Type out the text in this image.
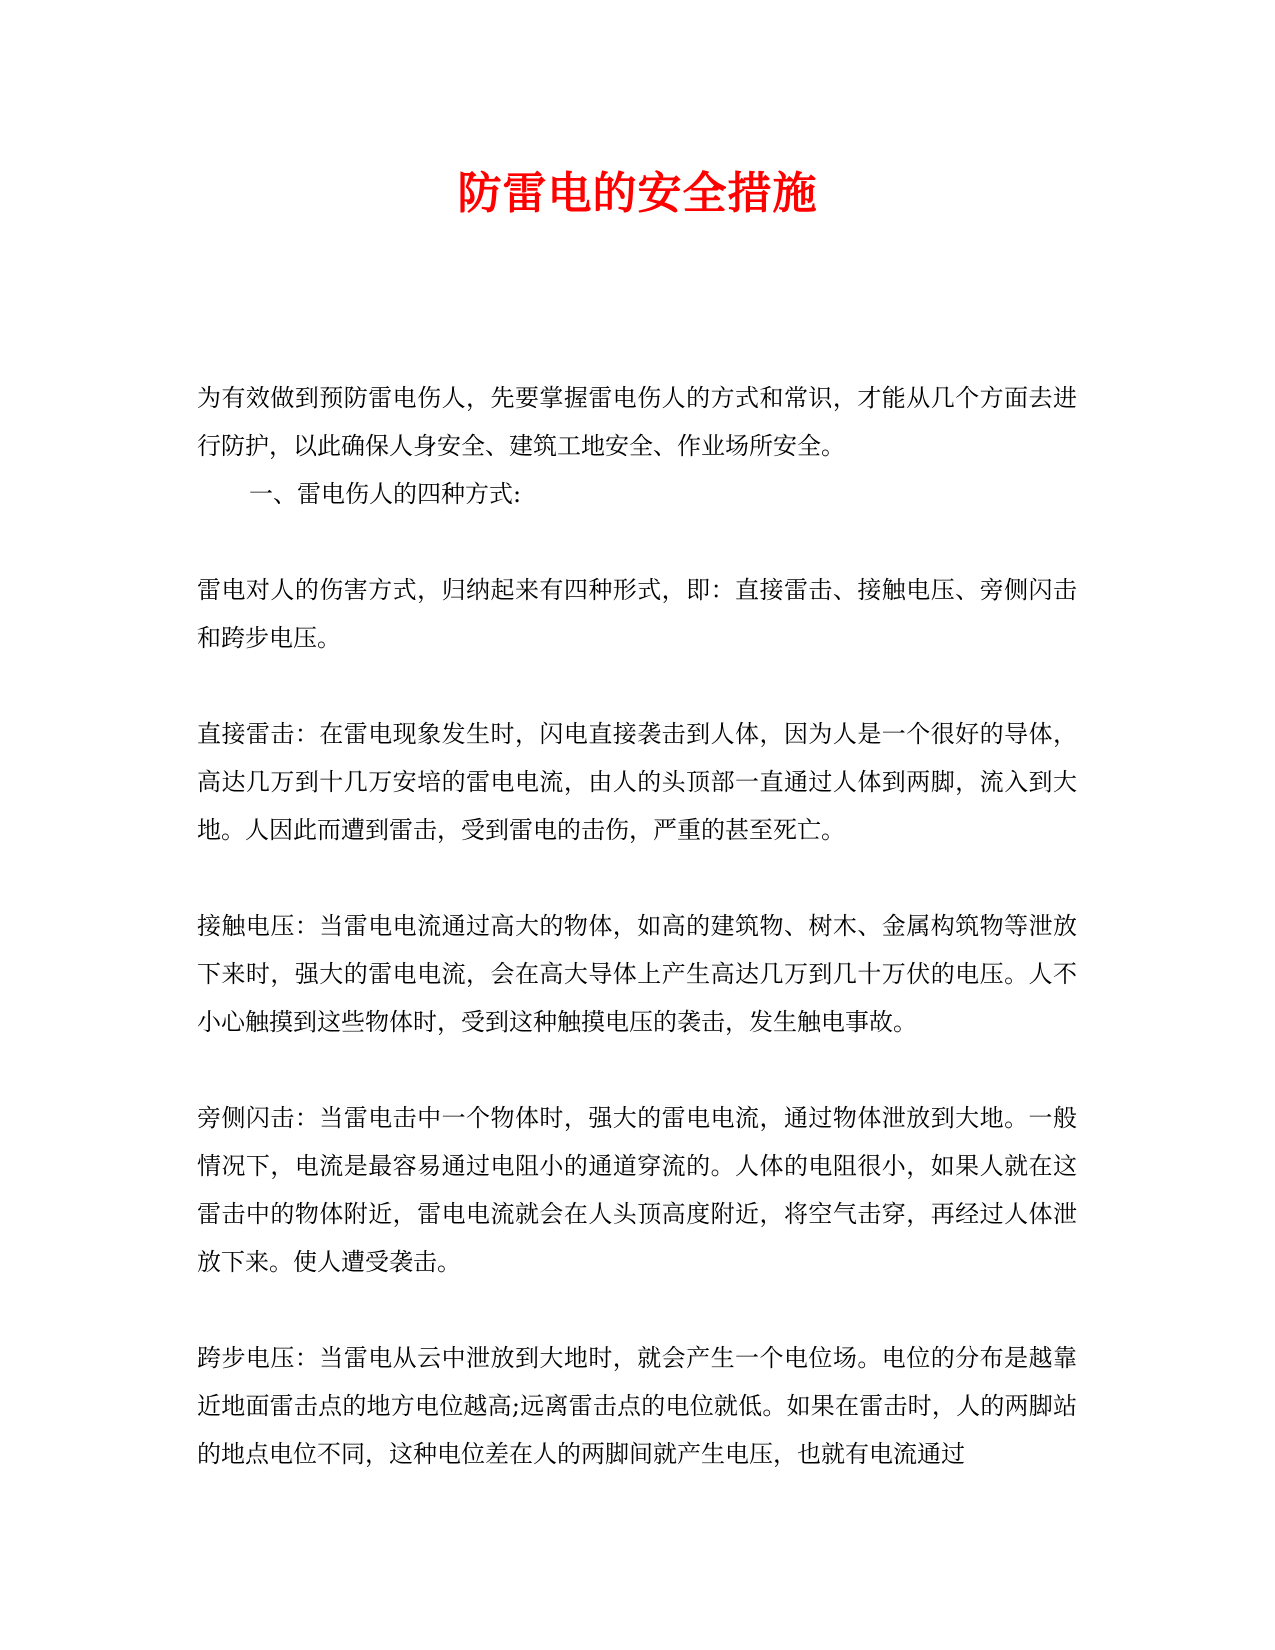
防雷电的安全措施

为有效做到预防雷电伤人，先要掌握雷电伤人的方式和常识，才能从几个方面去进行防护，以此确保人身安全、建筑工地安全、作业场所安全。

一、雷电伤人的四种方式:

雷电对人的伤害方式，归纳起来有四种形式，即：直接雷击、接触电压、旁侧闪击和跨步电压。

直接雷击：在雷电现象发生时，闪电直接袭击到人体，因为人是一个很好的导体，高达几万到十几万安培的雷电电流，由人的头顶部一直通过人体到两脚，流入到大地。人因此而遭到雷击，受到雷电的击伤，严重的甚至死亡。

接触电压：当雷电电流通过高大的物体，如高的建筑物、树木、金属构筑物等泄放下来时，强大的雷电电流，会在高大导体上产生高达几万到几十万伏的电压。人不小心触摸到这些物体时，受到这种触摸电压的袭击，发生触电事故。

旁侧闪击：当雷电击中一个物体时，强大的雷电电流，通过物体泄放到大地。一般情况下，电流是最容易通过电阻小的通道穿流的。人体的电阻很小，如果人就在这雷击中的物体附近，雷电电流就会在人头顶高度附近，将空气击穿，再经过人体泄放下来。使人遭受袭击。

跨步电压：当雷电从云中泄放到大地时，就会产生一个电位场。电位的分布是越靠近地面雷击点的地方电位越高;远离雷击点的电位就低。如果在雷击时，人的两脚站的地点电位不同，这种电位差在人的两脚间就产生电压，也就有电流通过
